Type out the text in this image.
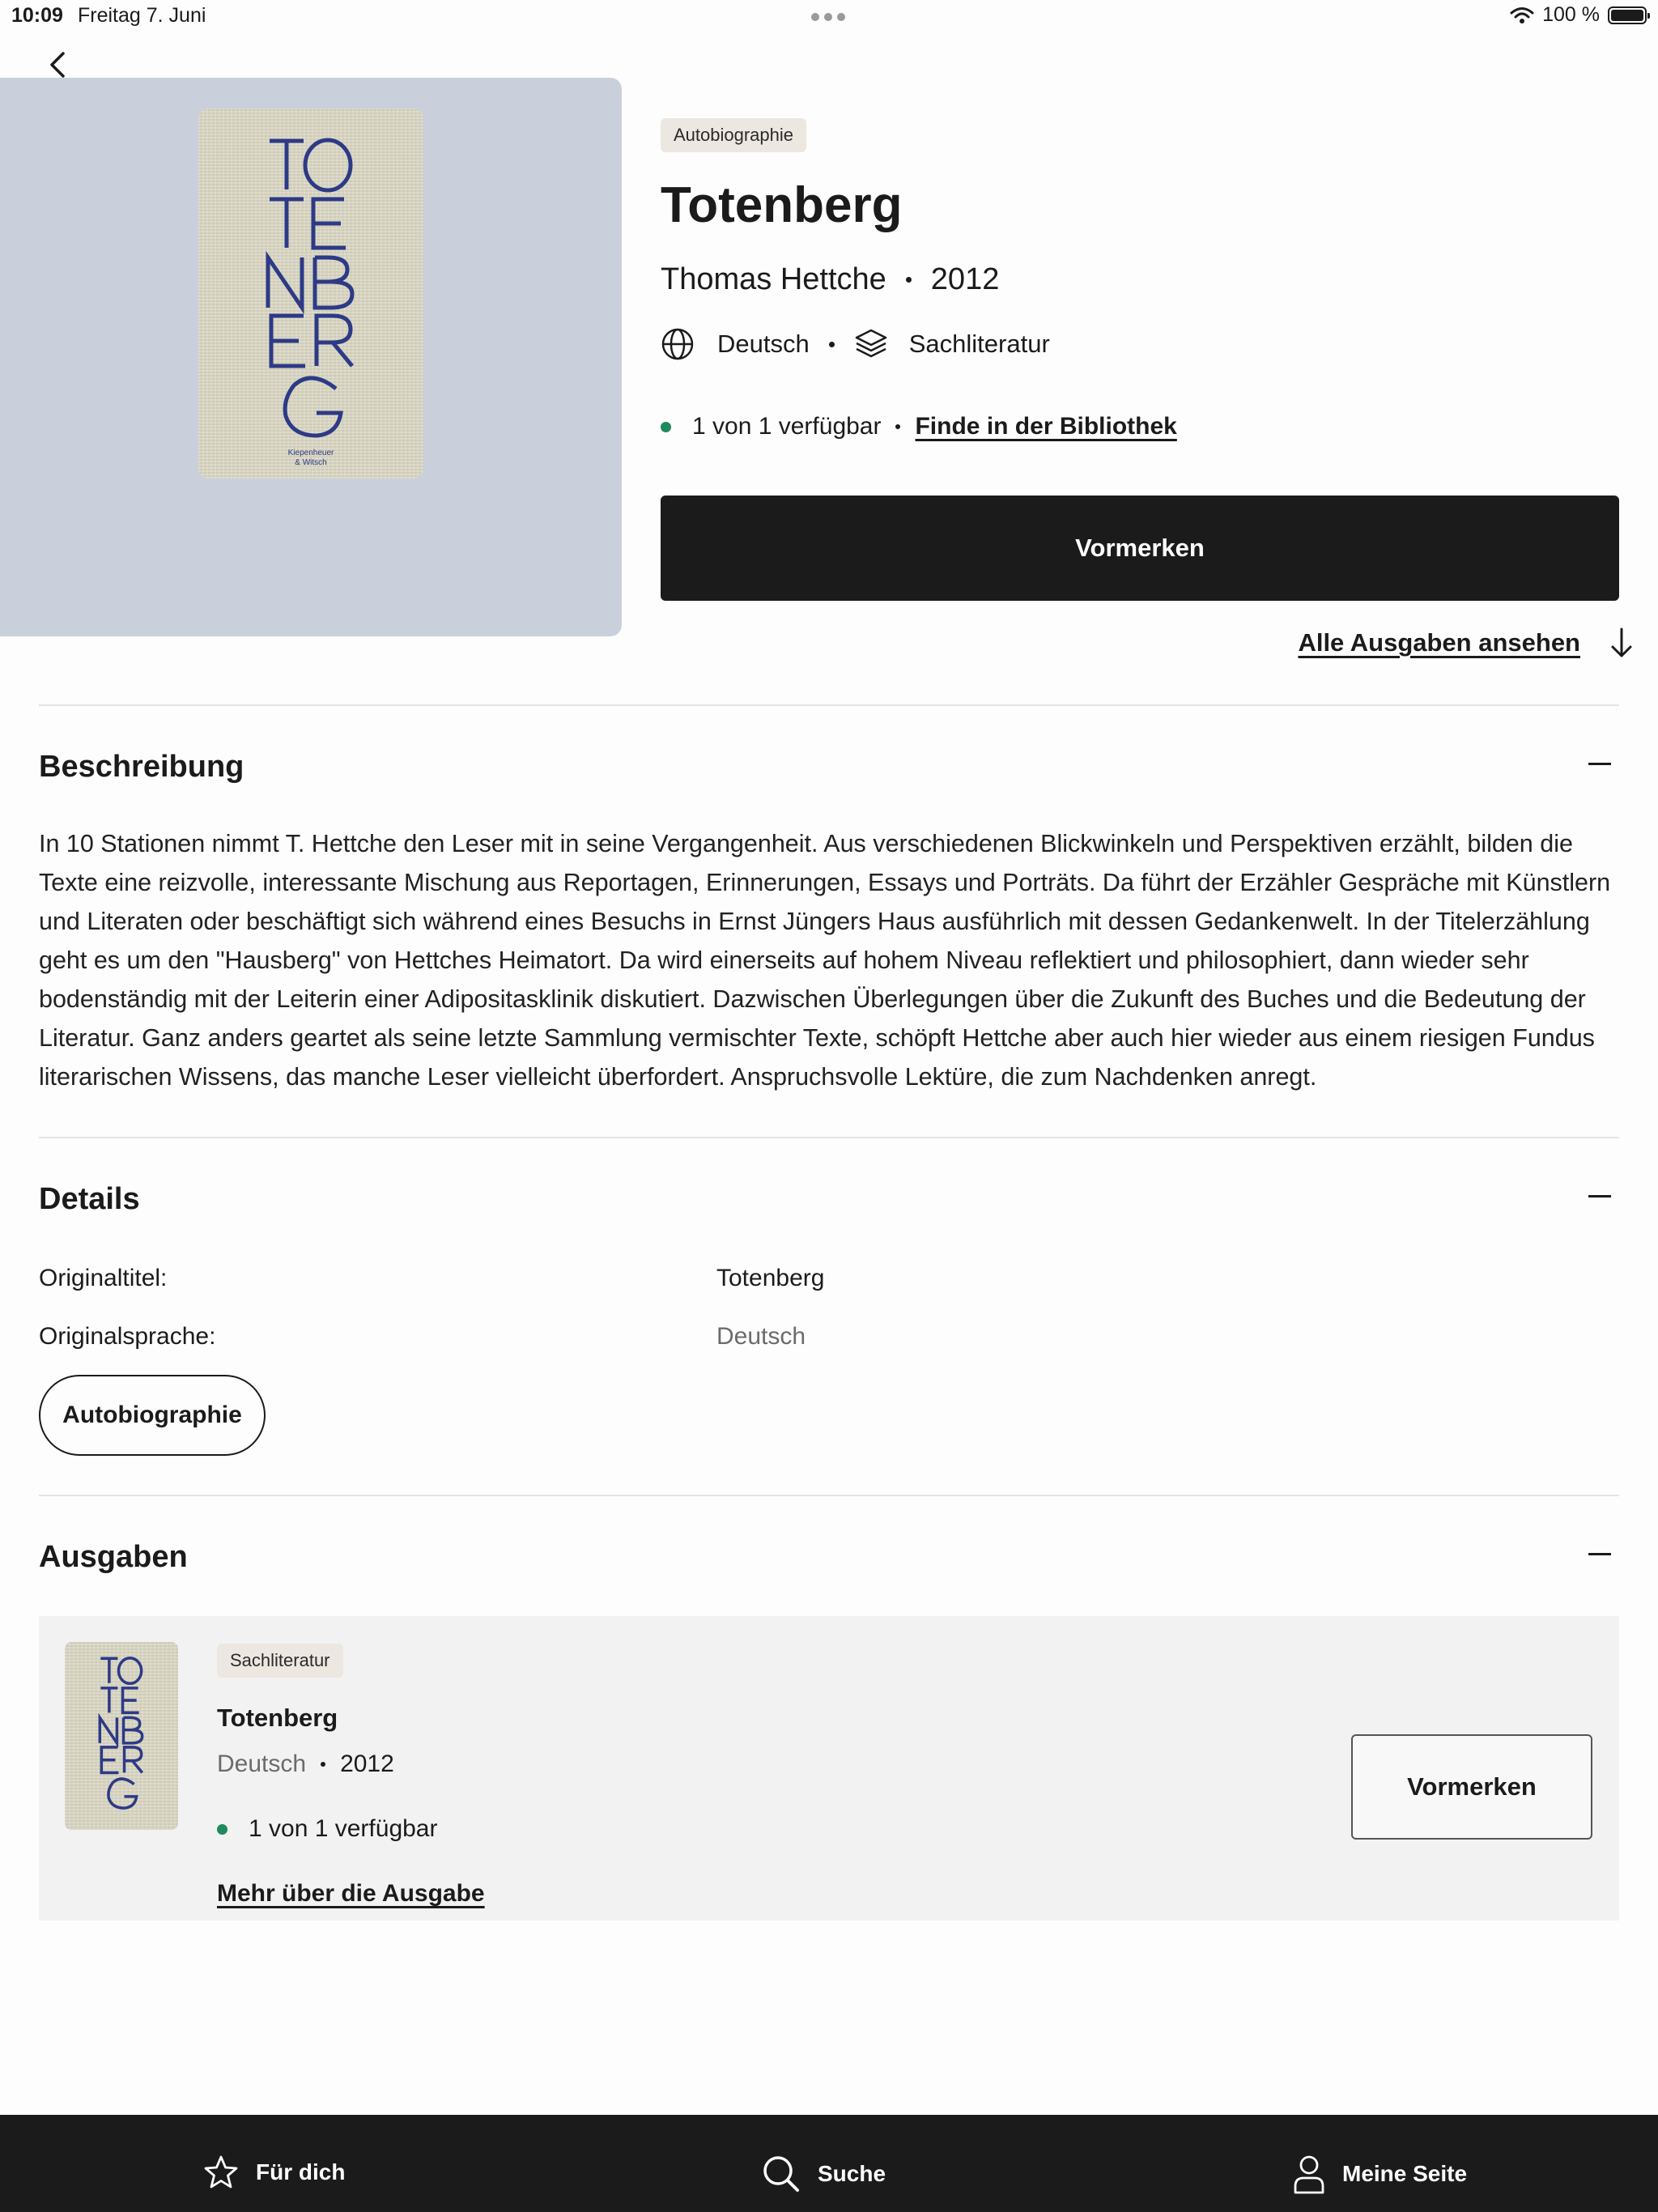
10:09 Freitag 7. Juni	100 %
Kiepenheuer
& Witsch
Autobiographie
Totenberg
Thomas Hettche 2012
Deutsch	Sachliteratur
1 von 1 verfügbar Finde in der Bibliothek
Vormerken
Alle Ausgaben ansehen
Beschreibung
In 10 Stationen nimmt T. Hettche den Leser mit in seine Vergangenheit. Aus verschiedenen Blickwinkeln und Perspektiven erzählt, bilden die Texte eine reizvolle, interessante Mischung aus Reportagen, Erinnerungen, Essays und Porträts. Da führt der Erzähler Gespräche mit Künstlern und Literaten oder beschäftigt sich während eines Besuchs in Ernst Jüngers Haus ausführlich mit dessen Gedankenwelt. In der Titelerzählung geht es um den "Hausberg" von Hettches Heimatort. Da wird einerseits auf hohem Niveau reflektiert und philosophiert, dann wieder sehr bodenständig mit der Leiterin einer Adipositasklinik diskutiert. Dazwischen Überlegungen über die Zukunft des Buches und die Bedeutung der Literatur. Ganz anders geartet als seine letzte Sammlung vermischter Texte, schöpft Hettche aber auch hier wieder aus einem riesigen Fundus literarischen Wissens, das manche Leser vielleicht überfordert. Anspruchsvolle Lektüre, die zum Nachdenken anregt.
Details
Originaltitel:	Totenberg
Originalsprache:	Deutsch
Autobiographie
Ausgaben
Sachliteratur
Totenberg
Deutsch 2012
1 von 1 verfügbar
Mehr über die Ausgabe
Vormerken
Für dich	Suche	Meine Seite
